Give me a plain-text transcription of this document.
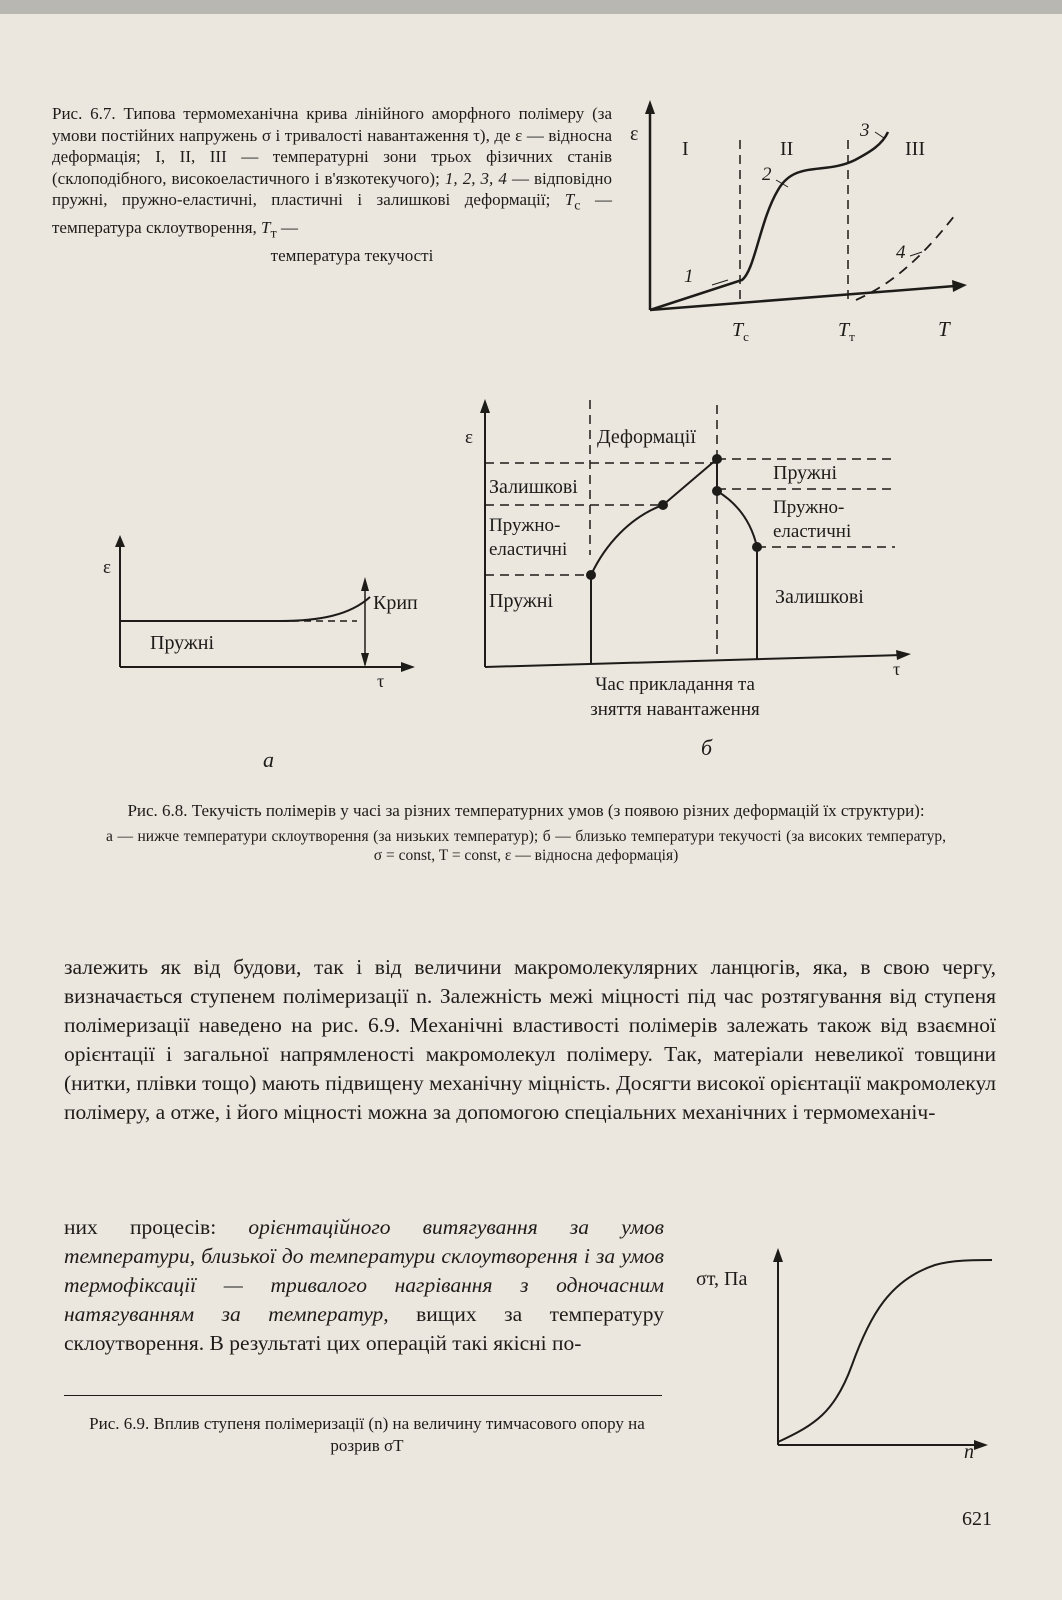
Рис. 6.7. Типова термомеханічна крива лінійного аморфного полімеру (за умови постійних напружень σ і тривалості навантаження τ), де ε — відносна деформація; I, II, III — температурні зони трьох фізичних станів (склоподібного, високоеластичного і в'язкотекучого); 1, 2, 3, 4 — відповідно пружні, пружно-еластичні, пластичні і залишкові деформації; $T_с$ — температура склоутворення, $T_т$ —
температура текучості
ε
I	II	III
1
2
3
4
$T_с$	$T_т$	T
ε
Крип
Пружні
τ
а
ε	Деформації
Залишкові
Пружно-
еластичні
Пружні
Пружні
Пружно-
еластичні
Залишкові
τ
Час прикладання та
зняття навантаження
б
Рис. 6.8. Текучість полімерів у часі за різних температурних умов (з появою різних деформацій їх структури):
а — нижче температури склоутворення (за низьких температур); б — близько температури текучості (за високих температур, σ = const, T = const, ε — відносна деформація)

залежить як від будови, так і від величини макромолекулярних ланцюгів, яка, в свою чергу, визначається ступенем полімеризації n. Залежність межі міцності під час розтягування від ступеня полімеризації наведено на рис. 6.9. Механічні властивості полімерів залежать також від взаємної орієнтації і загальної напрямленості макромолекул полімеру. Так, матеріали невеликої товщини (нитки, плівки тощо) мають підвищену механічну міцність. Досягти високої орієнтації макромолекул полімеру, а отже, і його міцності можна за допомогою спеціальних механічних і термомеханіч-

них процесів: орієнтаційного витягування за умов температури, близької до температури склоутворення і за умов термофіксації — тривалого нагрівання з одночасним натягуванням за температур, вищих за температуру склоутворення. В результаті цих операцій такі якісні по-
σт, Па
n
Рис. 6.9. Вплив ступеня полімеризації (n) на величину тимчасового опору на розрив σT
621
